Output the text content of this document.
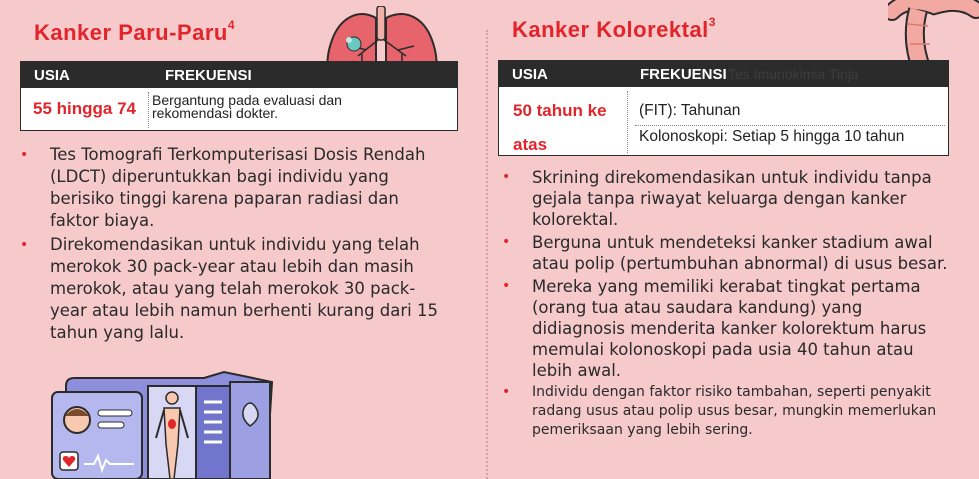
Kanker Paru-Paru$^4$
USIA	FREKUENSI
55 hingga 74 Bergantung pada evaluasi dan
rekomendasi dokter.
• Tes Tomografi Terkomputerisasi Dosis Rendah (LDCT) diperuntukkan bagi individu yang berisiko tinggi karena paparan radiasi dan faktor biaya.
• Direkomendasikan untuk individu yang telah merokok 30 pack-year atau lebih dan masih merokok, atau yang telah merokok 30 pack-year atau lebih namun berhenti kurang dari 15 tahun yang lalu.
Kanker Kolorektal$^3$
USIA	FREKUENSI Tes Imunokimia Tinja
50 tahun ke
atas
(FIT): Tahunan
Kolonoskopi: Setiap 5 hingga 10 tahun
• Skrining direkomendasikan untuk individu tanpa gejala tanpa riwayat keluarga dengan kanker kolorektal.
• Berguna untuk mendeteksi kanker stadium awal atau polip (pertumbuhan abnormal) di usus besar.
• Mereka yang memiliki kerabat tingkat pertama (orang tua atau saudara kandung) yang didiagnosis menderita kanker kolorektum harus memulai kolonoskopi pada usia 40 tahun atau lebih awal.
• Individu dengan faktor risiko tambahan, seperti penyakit radang usus atau polip usus besar, mungkin memerlukan pemeriksaan yang lebih sering.
